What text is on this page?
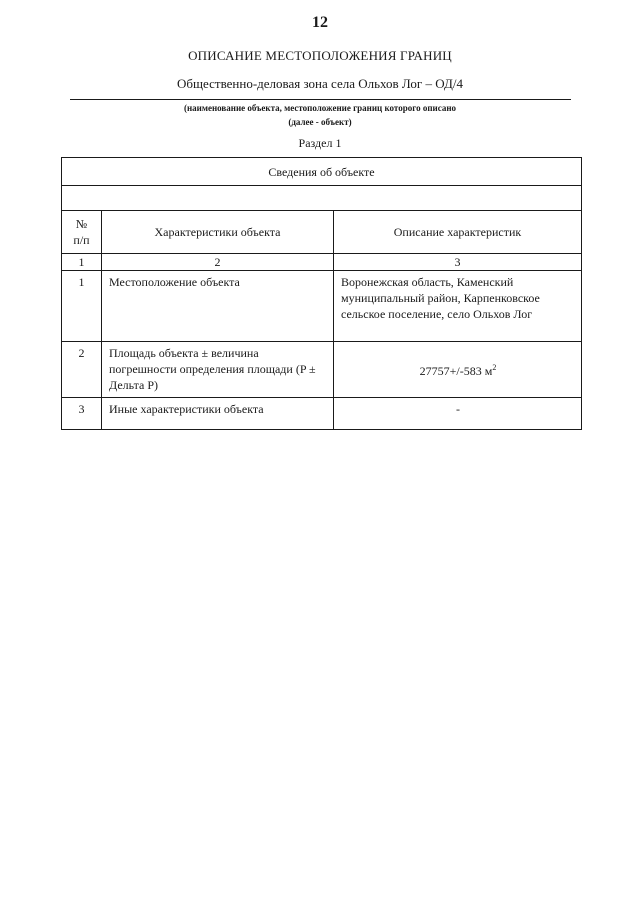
12
ОПИСАНИЕ МЕСТОПОЛОЖЕНИЯ ГРАНИЦ
Общественно-деловая зона села Ольхов Лог – ОД/4
(наименование объекта, местоположение границ которого описано
(далее - объект)
Раздел 1
Сведения об объекте		

№ п/п	Характеристики объекта	Описание характеристик
1	2	3
1	Местоположение объекта	Воронежская область, Каменский муниципальный район, Карпенковское сельское поселение, село Ольхов Лог
2	Площадь объекта ± величина погрешности определения площади (P ± Дельта P)	27757+/-583 $м^2$
3	Иные характеристики объекта	-
